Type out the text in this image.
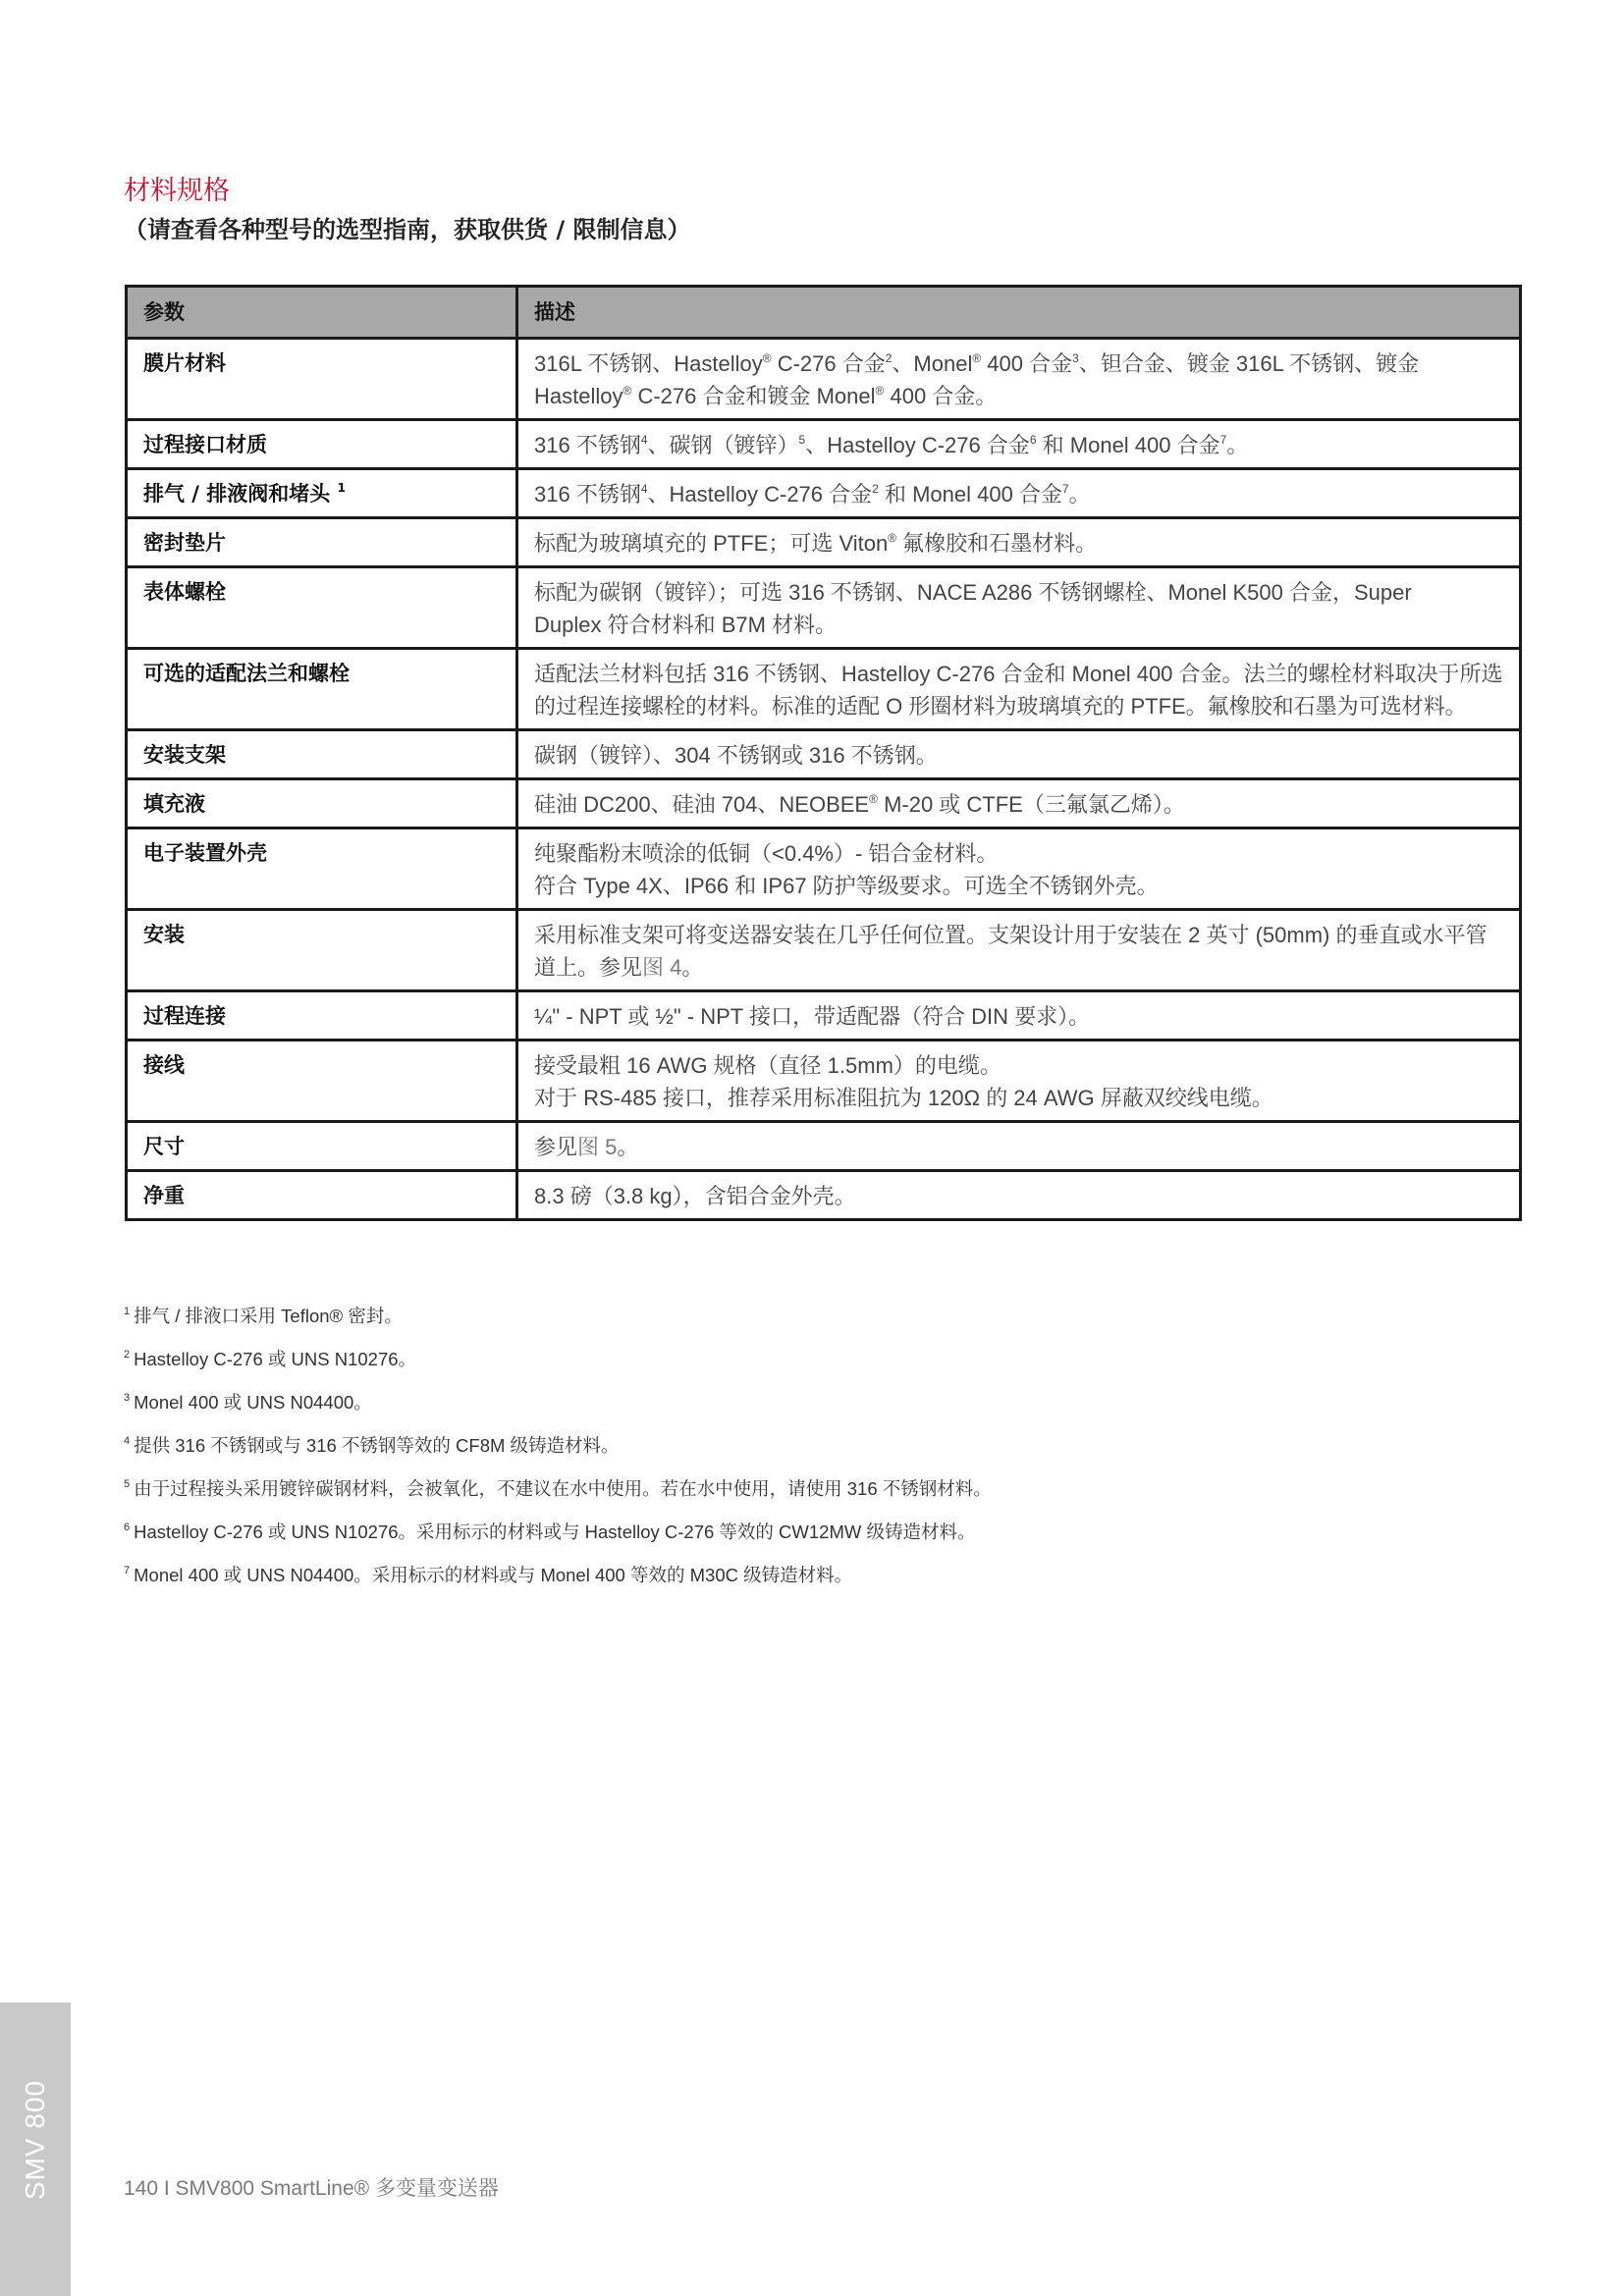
材料规格
（请查看各种型号的选型指南，获取供货 / 限制信息）
参数	描述
膜片材料	316L 不锈钢、Hastelloy® C-276 合金$^2$、Monel® 400 合金$^3$、钽合金、镀金 316L 不锈钢、镀金
Hastelloy® C-276 合金和镀金 Monel® 400 合金。

过程接口材质	316 不锈钢$^4$、碳钢（镀锌）$^5$、Hastelloy C-276 合金$^6$ 和 Monel 400 合金$^7$。

排气 / 排液阀和堵头 $^1$	316 不锈钢$^4$、Hastelloy C-276 合金$^2$ 和 Monel 400 合金$^7$。

密封垫片	标配为玻璃填充的 PTFE；可选 Viton® 氟橡胶和石墨材料。

表体螺栓	标配为碳钢（镀锌）；可选 316 不锈钢、NACE A286 不锈钢螺栓、Monel K500 合金，Super
Duplex 符合材料和 B7M 材料。

可选的适配法兰和螺栓	适配法兰材料包括 316 不锈钢、Hastelloy C-276 合金和 Monel 400 合金。法兰的螺栓材料取决于所选
的过程连接螺栓的材料。标准的适配 O 形圈材料为玻璃填充的 PTFE。氟橡胶和石墨为可选材料。

安装支架	碳钢（镀锌）、304 不锈钢或 316 不锈钢。

填充液	硅油 DC200、硅油 704、NEOBEE® M-20 或 CTFE（三氟氯乙烯）。

电子装置外壳	纯聚酯粉末喷涂的低铜（<0.4%）- 铝合金材料。
符合 Type 4X、IP66 和 IP67 防护等级要求。可选全不锈钢外壳。

安装	采用标准支架可将变送器安装在几乎任何位置。支架设计用于安装在 2 英寸 (50mm) 的垂直或水平管
道上。参见图 4。

过程连接	¼" - NPT 或 ½" - NPT 接口，带适配器（符合 DIN 要求）。

接线	接受最粗 16 AWG 规格（直径 1.5mm）的电缆。
对于 RS-485 接口，推荐采用标准阻抗为 120Ω 的 24 AWG 屏蔽双绞线电缆。

尺寸	参见图 5。

净重	8.3 磅（3.8 kg），含铝合金外壳。
$^1$ 排气 / 排液口采用 Teflon® 密封。
$^2$ Hastelloy C-276 或 UNS N10276。
$^3$ Monel 400 或 UNS N04400。
$^4$ 提供 316 不锈钢或与 316 不锈钢等效的 CF8M 级铸造材料。
$^5$ 由于过程接头采用镀锌碳钢材料，会被氧化，不建议在水中使用。若在水中使用，请使用 316 不锈钢材料。
$^6$ Hastelloy C-276 或 UNS N10276。采用标示的材料或与 Hastelloy C-276 等效的 CW12MW 级铸造材料。
$^7$ Monel 400 或 UNS N04400。采用标示的材料或与 Monel 400 等效的 M30C 级铸造材料。
SMV 800	140 I SMV800 SmartLine® 多变量变送器
